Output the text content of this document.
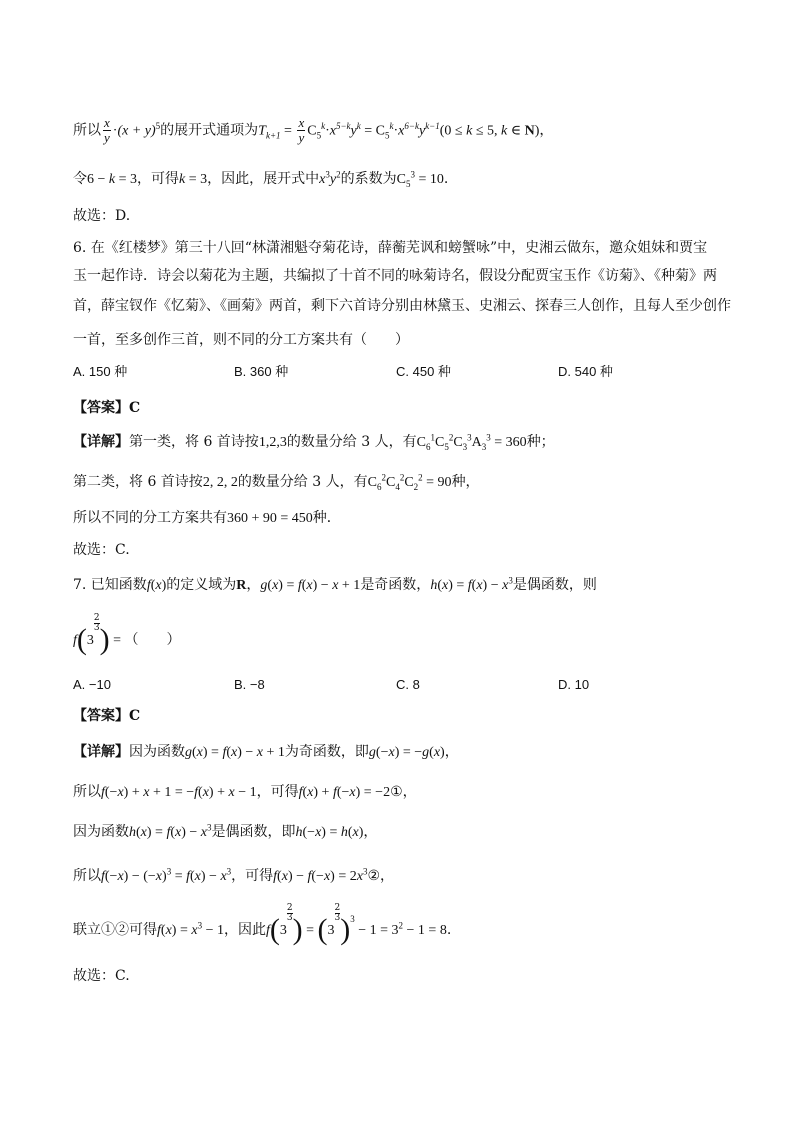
所以 $\frac{x}{y} \cdot(x + y)^5$的展开式通项为$T_{k+1} = \frac{x}{y} C_5^k\cdot x^{5-k}y^k = C_5^k\cdot x^{6-k}y^{k-1}(0 \le k \le 5$, k ∈ N)，
令6 − k = 3，可得k = 3，因此，展开式中$x^3y^2$的系数为$C_5^3 = 10$.
故选：D.
6. 在《红楼梦》第三十八回“林潇湘魁夺菊花诗，薛蘅芜讽和螃蟹咏”中，史湘云做东，邀众姐妹和贾宝
玉一起作诗．诗会以菊花为主题，共编拟了十首不同的咏菊诗名，假设分配贾宝玉作《访菊》、《种菊》两
首，薛宝钗作《忆菊》、《画菊》两首，剩下六首诗分别由林黛玉、史湘云、探春三人创作，且每人至少创作
一首，至多创作三首，则不同的分工方案共有（　　）
A. 150 种	B. 360 种	C. 450 种	D. 540 种
【答案】C
【详解】第一类，将 6 首诗按1,2,3的数量分给 3 人，有$C_6^1C_5^2C_3^3A_3^3 = 360$种；
第二类，将 6 首诗按2, 2, 2的数量分给 3 人，有$C_6^2C_4^2C_2^2 = 90$种，
所以不同的分工方案共有360 + 90 = 450种．
故选：C.
7. 已知函数f(x)的定义域为R，g(x) = f(x) − x + 1是奇函数，$h(x) = f(x) - x^3$是偶函数，则
f(3
$\frac{2}{3}$ ) = （　　）
A. −10	B. −8	C. 8	D. 10
【答案】C
【详解】因为函数g(x) = f(x) − x + 1为奇函数，即g(−x) = −g(x)，
所以f(−x) + x + 1 = −f(x) + x − 1，可得f(x) + f(−x) = −2①，
因为函数$h(x) = f(x) - x^3$是偶函数，即h(−x) = h(x)，
所以$f(-x) - (-x)^3 = f(x) - x^3$，可得$f(x) - f(-x) = 2x^3②$，
联立①②可得$f(x) = x^3 - 1$，因此f(3
$\frac{2}{3}$ ) = (3
$\frac{2}{3} )^3 - 1 = 3^2 - 1 = 8$.
故选：C.
